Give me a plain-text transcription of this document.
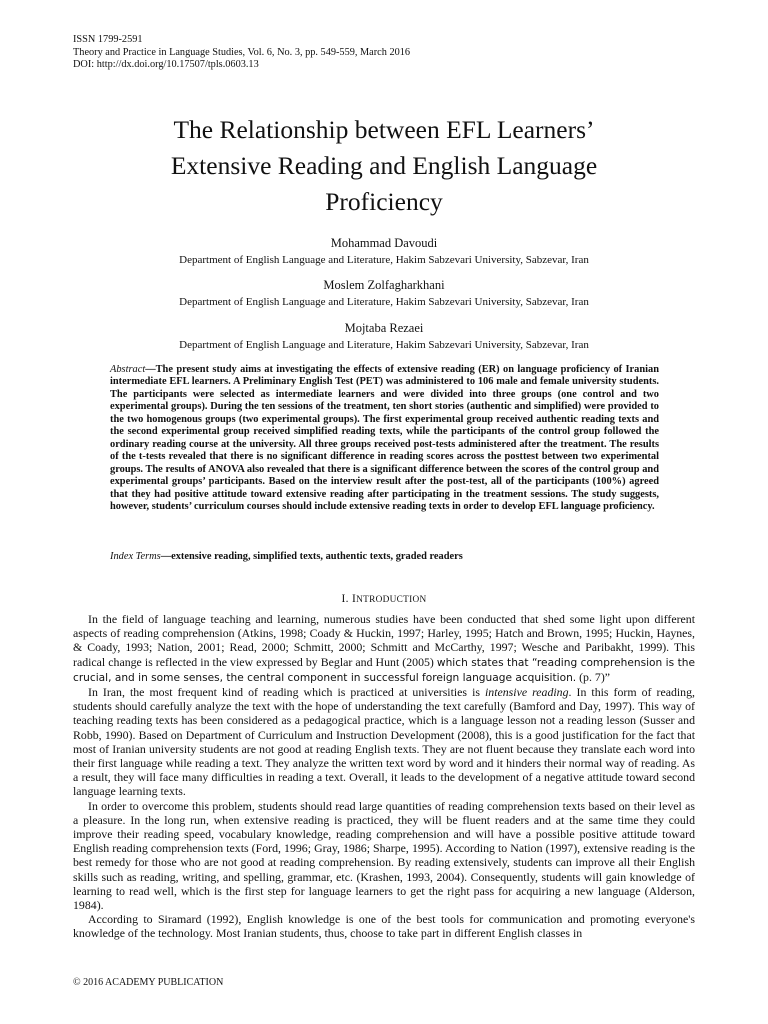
ISSN 1799-2591
Theory and Practice in Language Studies, Vol. 6, No. 3, pp. 549-559, March 2016
DOI: http://dx.doi.org/10.17507/tpls.0603.13
The Relationship between EFL Learners’
Extensive Reading and English Language
Proficiency
Mohammad Davoudi
Department of English Language and Literature, Hakim Sabzevari University, Sabzevar, Iran
Moslem Zolfagharkhani
Department of English Language and Literature, Hakim Sabzevari University, Sabzevar, Iran
Mojtaba Rezaei
Department of English Language and Literature, Hakim Sabzevari University, Sabzevar, Iran
Abstract—The present study aims at investigating the effects of extensive reading (ER) on language proficiency of Iranian intermediate EFL learners. A Preliminary English Test (PET) was administered to 106 male and female university students. The participants were selected as intermediate learners and were divided into three groups (one control and two experimental groups). During the ten sessions of the treatment, ten short stories (authentic and simplified) were provided to the two homogenous groups (two experimental groups). The first experimental group received authentic reading texts and the second experimental group received simplified reading texts, while the participants of the control group followed the ordinary reading course at the university. All three groups received post-tests administered after the treatment. The results of the t-tests revealed that there is no significant difference in reading scores across the posttest between two experimental groups. The results of ANOVA also revealed that there is a significant difference between the scores of the control group and experimental groups’ participants. Based on the interview result after the post-test, all of the participants (100%) agreed that they had positive attitude toward extensive reading after participating in the treatment sessions. The study suggests, however, students’ curriculum courses should include extensive reading texts in order to develop EFL language proficiency.
Index Terms—extensive reading, simplified texts, authentic texts, graded readers
I. INTRODUCTION

In the field of language teaching and learning, numerous studies have been conducted that shed some light upon different aspects of reading comprehension (Atkins, 1998; Coady & Huckin, 1997; Harley, 1995; Hatch and Brown, 1995; Huckin, Haynes, & Coady, 1993; Nation, 2001; Read, 2000; Schmitt, 2000; Schmitt and McCarthy, 1997; Wesche and Paribakht, 1999). This radical change is reflected in the view expressed by Beglar and Hunt (2005) which states that “reading comprehension is the crucial, and in some senses, the central component in successful foreign language acquisition. (p. 7)”

In Iran, the most frequent kind of reading which is practiced at universities is intensive reading. In this form of reading, students should carefully analyze the text with the hope of understanding the text carefully (Bamford and Day, 1997). This way of teaching reading texts has been considered as a pedagogical practice, which is a language lesson not a reading lesson (Susser and Robb, 1990). Based on Department of Curriculum and Instruction Development (2008), this is a good justification for the fact that most of Iranian university students are not good at reading English texts. They are not fluent because they translate each word into their first language while reading a text. They analyze the written text word by word and it hinders their normal way of reading. As a result, they will face many difficulties in reading a text. Overall, it leads to the development of a negative attitude toward second language learning texts.

In order to overcome this problem, students should read large quantities of reading comprehension texts based on their level as a pleasure. In the long run, when extensive reading is practiced, they will be fluent readers and at the same time they could improve their reading speed, vocabulary knowledge, reading comprehension and will have a possible positive attitude toward English reading comprehension texts (Ford, 1996; Gray, 1986; Sharpe, 1995). According to Nation (1997), extensive reading is the best remedy for those who are not good at reading comprehension. By reading extensively, students can improve all their English skills such as reading, writing, and spelling, grammar, etc. (Krashen, 1993, 2004). Consequently, students will gain knowledge of learning to read well, which is the first step for language learners to get the right pass for acquiring a new language (Alderson, 1984).

According to Siramard (1992), English knowledge is one of the best tools for communication and promoting everyone's knowledge of the technology. Most Iranian students, thus, choose to take part in different English classes in

© 2016 ACADEMY PUBLICATION
